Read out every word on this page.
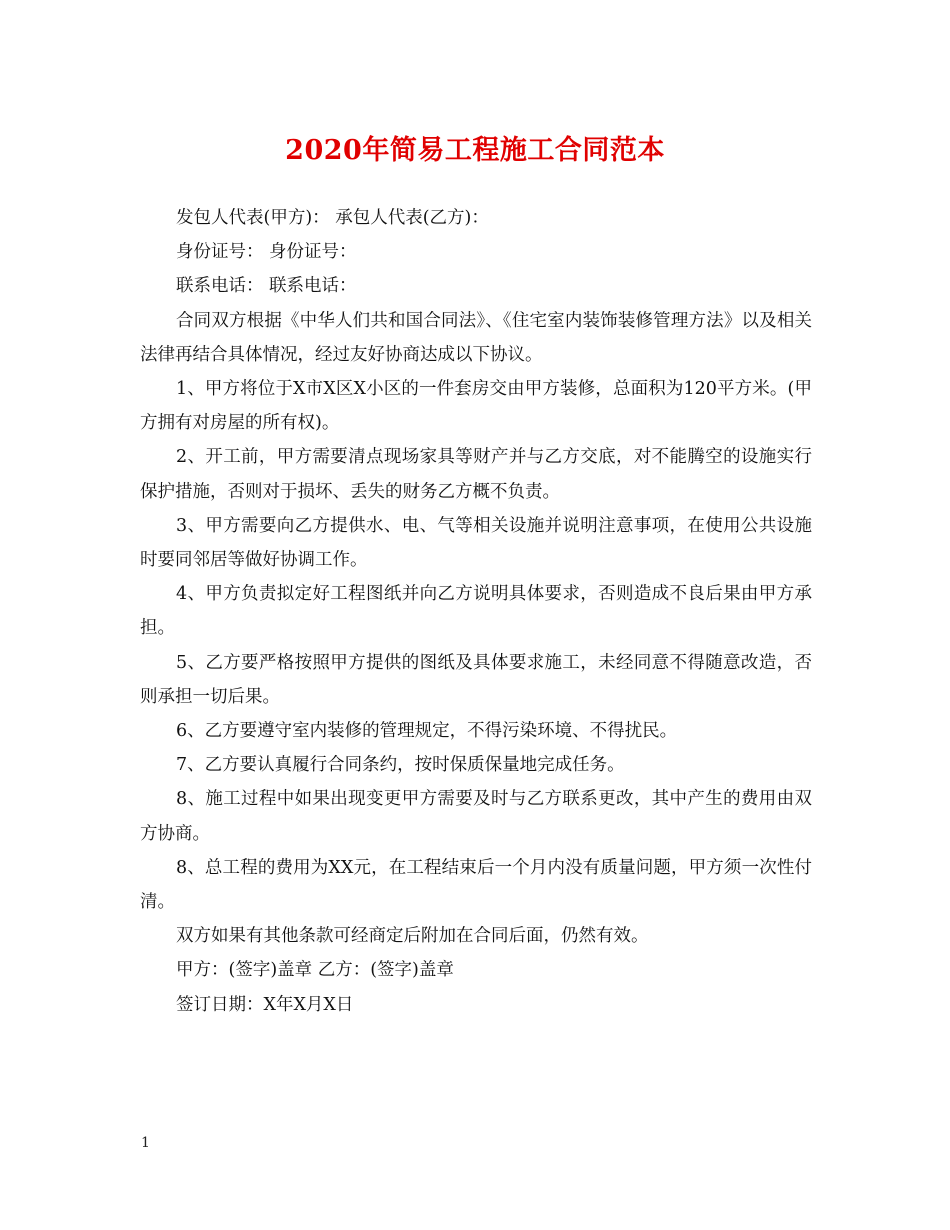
2020年简易工程施工合同范本

发包人代表(甲方)： 承包人代表(乙方)：

身份证号： 身份证号：

联系电话： 联系电话：

合同双方根据《中华人们共和国合同法》、《住宅室内装饰装修管理方法》以及相关法律再结合具体情况，经过友好协商达成以下协议。

1、甲方将位于X市X区X小区的一件套房交由甲方装修，总面积为120平方米。(甲方拥有对房屋的所有权)。

2、开工前，甲方需要清点现场家具等财产并与乙方交底，对不能腾空的设施实行保护措施，否则对于损坏、丢失的财务乙方概不负责。

3、甲方需要向乙方提供水、电、气等相关设施并说明注意事项，在使用公共设施时要同邻居等做好协调工作。

4、甲方负责拟定好工程图纸并向乙方说明具体要求，否则造成不良后果由甲方承担。

5、乙方要严格按照甲方提供的图纸及具体要求施工，未经同意不得随意改造，否则承担一切后果。

6、乙方要遵守室内装修的管理规定，不得污染环境、不得扰民。

7、乙方要认真履行合同条约，按时保质保量地完成任务。

8、施工过程中如果出现变更甲方需要及时与乙方联系更改，其中产生的费用由双方协商。

8、总工程的费用为XX元，在工程结束后一个月内没有质量问题，甲方须一次性付清。

双方如果有其他条款可经商定后附加在合同后面，仍然有效。

甲方：(签字)盖章 乙方：(签字)盖章

签订日期：X年X月X日

1
